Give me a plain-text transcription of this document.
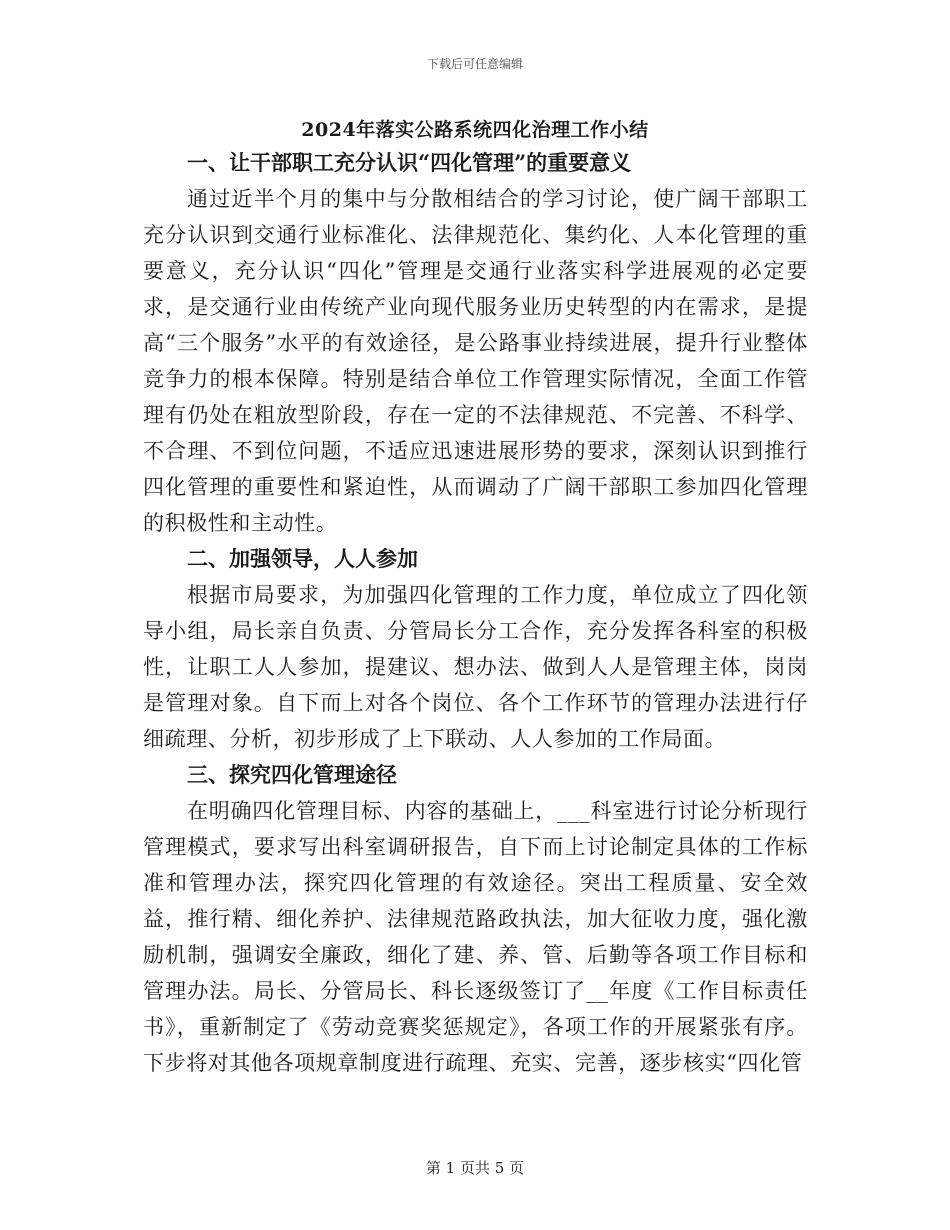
下载后可任意编辑
2024年落实公路系统四化治理工作小结

一、让干部职工充分认识“四化管理”的重要意义

通过近半个月的集中与分散相结合的学习讨论，使广阔干部职工充分认识到交通行业标准化、法律规范化、集约化、人本化管理的重要意义，充分认识“四化”管理是交通行业落实科学进展观的必定要求，是交通行业由传统产业向现代服务业历史转型的内在需求，是提高“三个服务”水平的有效途径，是公路事业持续进展，提升行业整体竞争力的根本保障。特别是结合单位工作管理实际情况，全面工作管理有仍处在粗放型阶段，存在一定的不法律规范、不完善、不科学、不合理、不到位问题，不适应迅速进展形势的要求，深刻认识到推行四化管理的重要性和紧迫性，从而调动了广阔干部职工参加四化管理的积极性和主动性。

二、加强领导，人人参加

根据市局要求，为加强四化管理的工作力度，单位成立了四化领导小组，局长亲自负责、分管局长分工合作，充分发挥各科室的积极性，让职工人人参加，提建议、想办法、做到人人是管理主体，岗岗是管理对象。自下而上对各个岗位、各个工作环节的管理办法进行仔细疏理、分析，初步形成了上下联动、人人参加的工作局面。

三、探究四化管理途径

在明确四化管理目标、内容的基础上，___科室进行讨论分析现行管理模式，要求写出科室调研报告，自下而上讨论制定具体的工作标准和管理办法，探究四化管理的有效途径。突出工程质量、安全效益，推行精、细化养护、法律规范路政执法，加大征收力度，强化激励机制，强调安全廉政，细化了建、养、管、后勤等各项工作目标和管理办法。局长、分管局长、科长逐级签订了__年度《工作目标责任书》，重新制定了《劳动竞赛奖惩规定》，各项工作的开展紧张有序。下步将对其他各项规章制度进行疏理、充实、完善，逐步核实“四化管

第 1 页共 5 页
